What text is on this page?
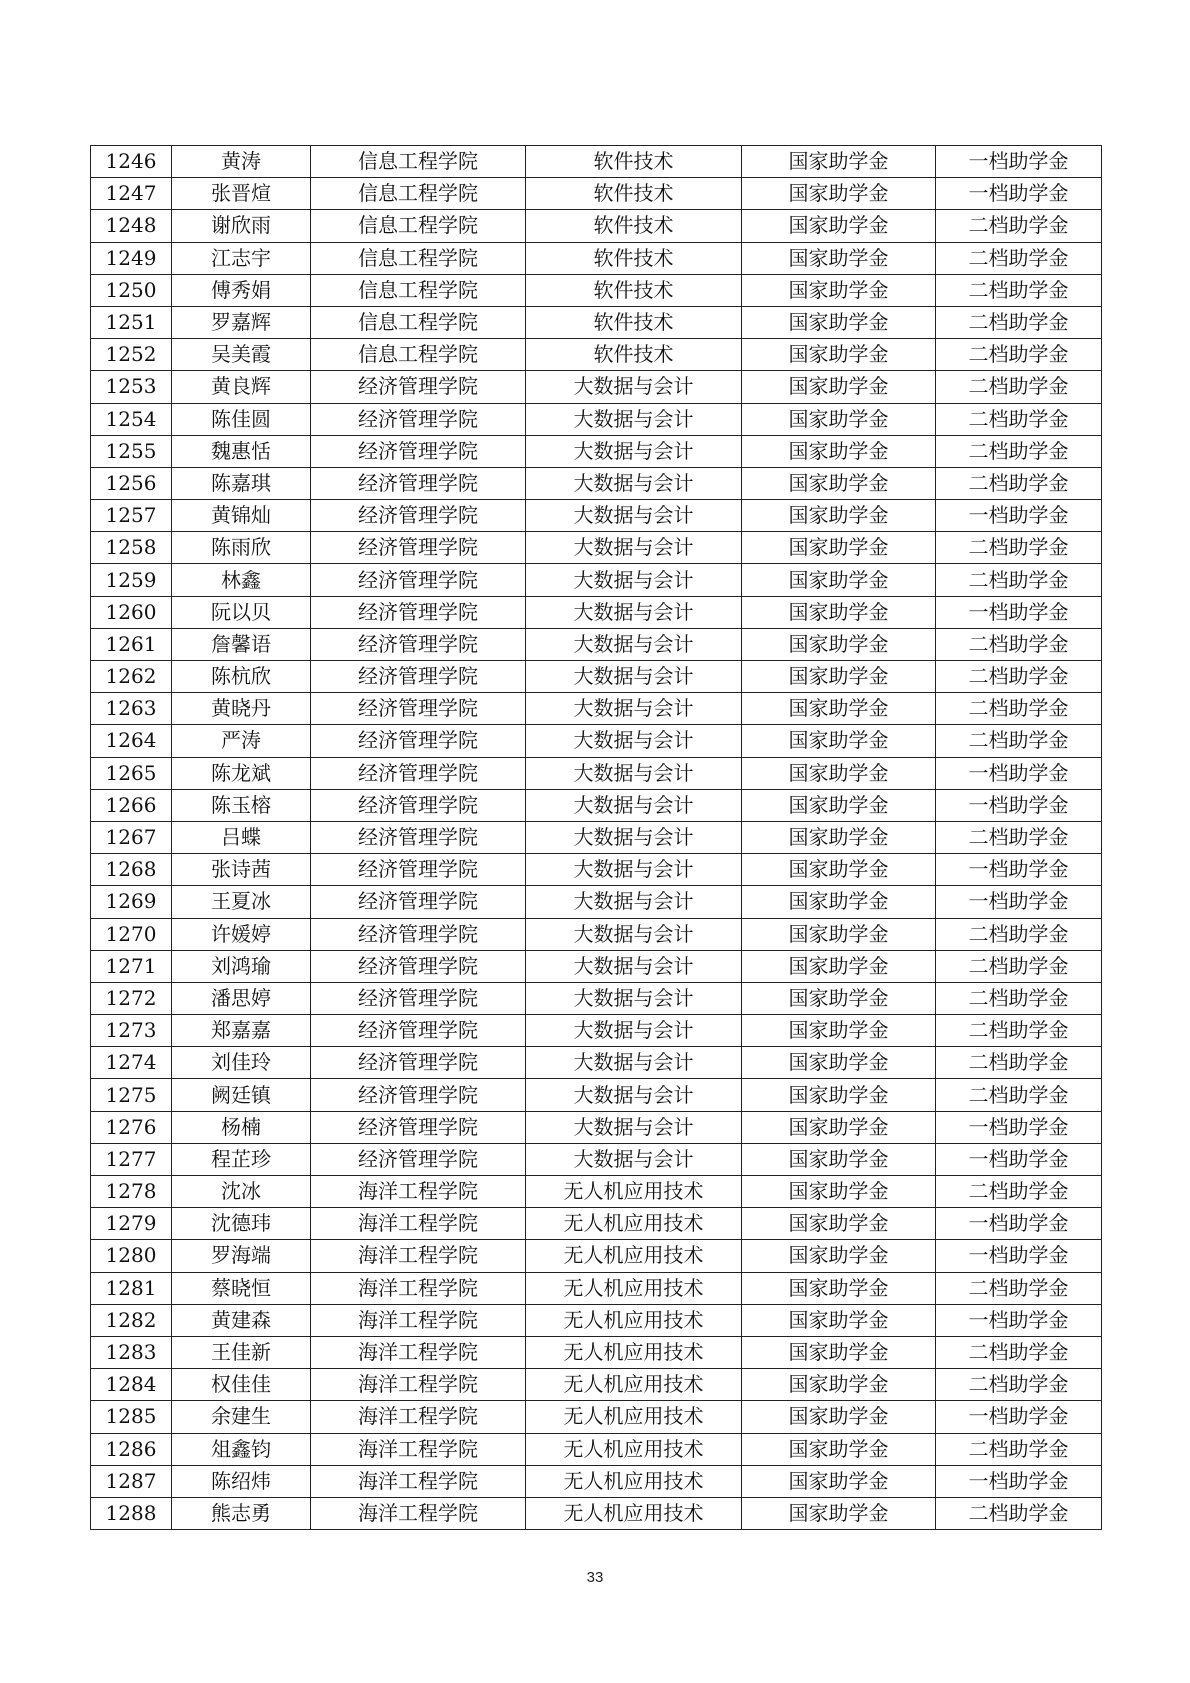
1246	黄涛	信息工程学院	软件技术	国家助学金	一档助学金
1247	张晋煊	信息工程学院	软件技术	国家助学金	一档助学金
1248	谢欣雨	信息工程学院	软件技术	国家助学金	二档助学金
1249	江志宇	信息工程学院	软件技术	国家助学金	二档助学金
1250	傅秀娟	信息工程学院	软件技术	国家助学金	二档助学金
1251	罗嘉辉	信息工程学院	软件技术	国家助学金	二档助学金
1252	吴美霞	信息工程学院	软件技术	国家助学金	二档助学金
1253	黄良辉	经济管理学院	大数据与会计	国家助学金	二档助学金
1254	陈佳圆	经济管理学院	大数据与会计	国家助学金	二档助学金
1255	魏惠恬	经济管理学院	大数据与会计	国家助学金	二档助学金
1256	陈嘉琪	经济管理学院	大数据与会计	国家助学金	二档助学金
1257	黄锦灿	经济管理学院	大数据与会计	国家助学金	一档助学金
1258	陈雨欣	经济管理学院	大数据与会计	国家助学金	二档助学金
1259	林鑫	经济管理学院	大数据与会计	国家助学金	二档助学金
1260	阮以贝	经济管理学院	大数据与会计	国家助学金	一档助学金
1261	詹馨语	经济管理学院	大数据与会计	国家助学金	二档助学金
1262	陈杭欣	经济管理学院	大数据与会计	国家助学金	二档助学金
1263	黄晓丹	经济管理学院	大数据与会计	国家助学金	二档助学金
1264	严涛	经济管理学院	大数据与会计	国家助学金	二档助学金
1265	陈龙斌	经济管理学院	大数据与会计	国家助学金	一档助学金
1266	陈玉榕	经济管理学院	大数据与会计	国家助学金	一档助学金
1267	吕蝶	经济管理学院	大数据与会计	国家助学金	二档助学金
1268	张诗茜	经济管理学院	大数据与会计	国家助学金	一档助学金
1269	王夏冰	经济管理学院	大数据与会计	国家助学金	一档助学金
1270	许媛婷	经济管理学院	大数据与会计	国家助学金	二档助学金
1271	刘鸿瑜	经济管理学院	大数据与会计	国家助学金	二档助学金
1272	潘思婷	经济管理学院	大数据与会计	国家助学金	二档助学金
1273	郑嘉嘉	经济管理学院	大数据与会计	国家助学金	二档助学金
1274	刘佳玲	经济管理学院	大数据与会计	国家助学金	二档助学金
1275	阙廷镇	经济管理学院	大数据与会计	国家助学金	二档助学金
1276	杨楠	经济管理学院	大数据与会计	国家助学金	一档助学金
1277	程芷珍	经济管理学院	大数据与会计	国家助学金	一档助学金
1278	沈冰	海洋工程学院	无人机应用技术	国家助学金	二档助学金
1279	沈德玮	海洋工程学院	无人机应用技术	国家助学金	一档助学金
1280	罗海端	海洋工程学院	无人机应用技术	国家助学金	一档助学金
1281	蔡晓恒	海洋工程学院	无人机应用技术	国家助学金	二档助学金
1282	黄建森	海洋工程学院	无人机应用技术	国家助学金	一档助学金
1283	王佳新	海洋工程学院	无人机应用技术	国家助学金	二档助学金
1284	权佳佳	海洋工程学院	无人机应用技术	国家助学金	二档助学金
1285	余建生	海洋工程学院	无人机应用技术	国家助学金	一档助学金
1286	俎鑫钧	海洋工程学院	无人机应用技术	国家助学金	二档助学金
1287	陈绍炜	海洋工程学院	无人机应用技术	国家助学金	一档助学金
1288	熊志勇	海洋工程学院	无人机应用技术	国家助学金	二档助学金
33
